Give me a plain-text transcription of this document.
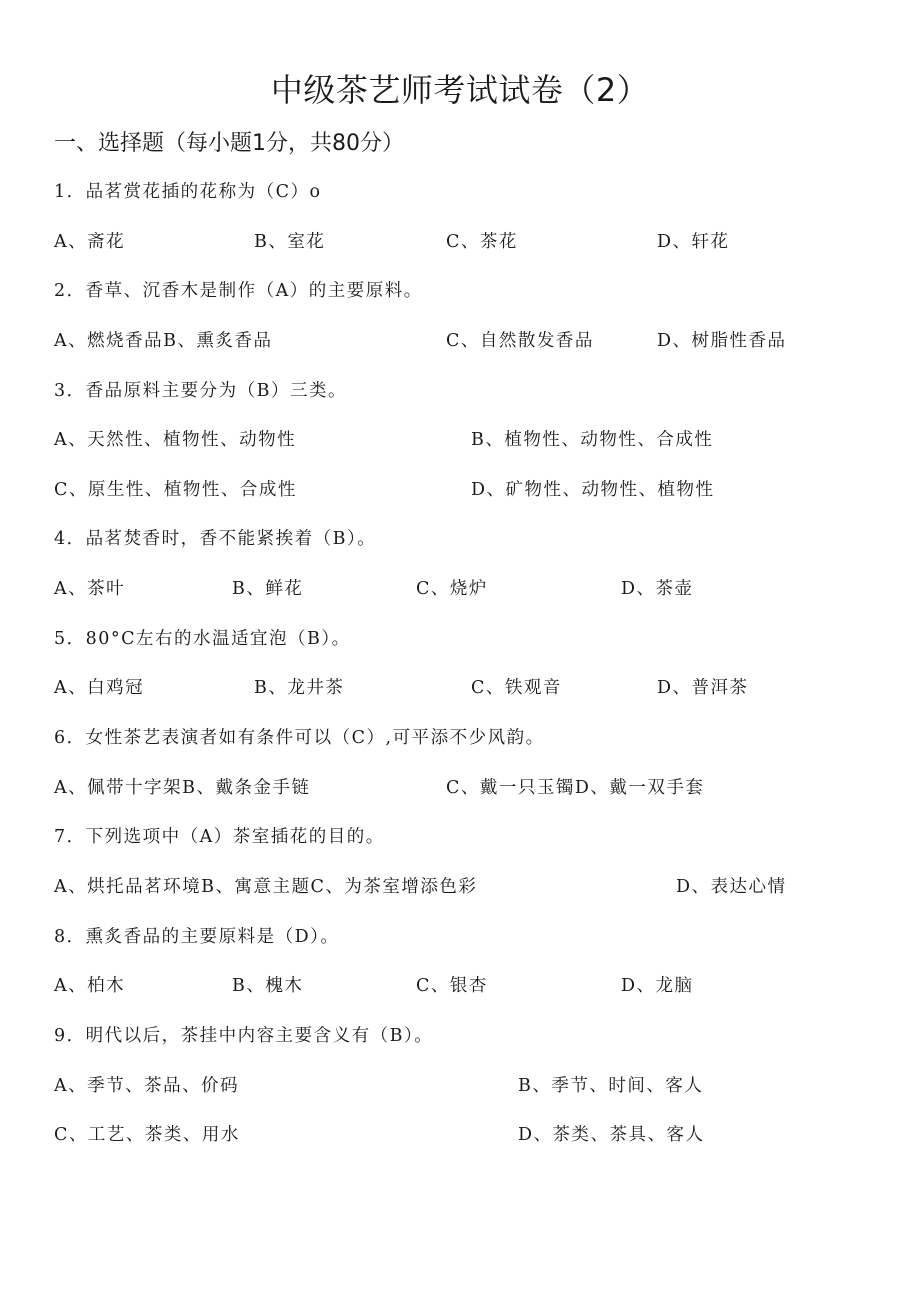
中级茶艺师考试试卷（2）
一、选择题（每小题1分，共80分）
1．品茗赏花插的花称为（C）o
A、斋花	B、室花	C、茶花	D、轩花
2．香草、沉香木是制作（A）的主要原料。
A、燃烧香品B、熏炙香品	C、自然散发香品	D、树脂性香品
3．香品原料主要分为（B）三类。
A、天然性、植物性、动物性	B、植物性、动物性、合成性
C、原生性、植物性、合成性	D、矿物性、动物性、植物性
4．品茗焚香时，香不能紧挨着（B）。
A、茶叶	B、鲜花	C、烧炉	D、茶壶
5．80°C左右的水温适宜泡（B）。
A、白鸡冠	B、龙井茶	C、铁观音	D、普洱茶
6．女性茶艺表演者如有条件可以（C）,可平添不少风韵。
A、佩带十字架B、戴条金手链	C、戴一只玉镯D、戴一双手套
7．下列选项中（A）茶室插花的目的。
A、烘托品茗环境B、寓意主题C、为茶室增添色彩	D、表达心情
8．熏炙香品的主要原料是（D）。
A、柏木	B、槐木	C、银杏	D、龙脑
9．明代以后，茶挂中内容主要含义有（B）。
A、季节、茶品、价码	B、季节、时间、客人
C、工艺、茶类、用水	D、茶类、茶具、客人
